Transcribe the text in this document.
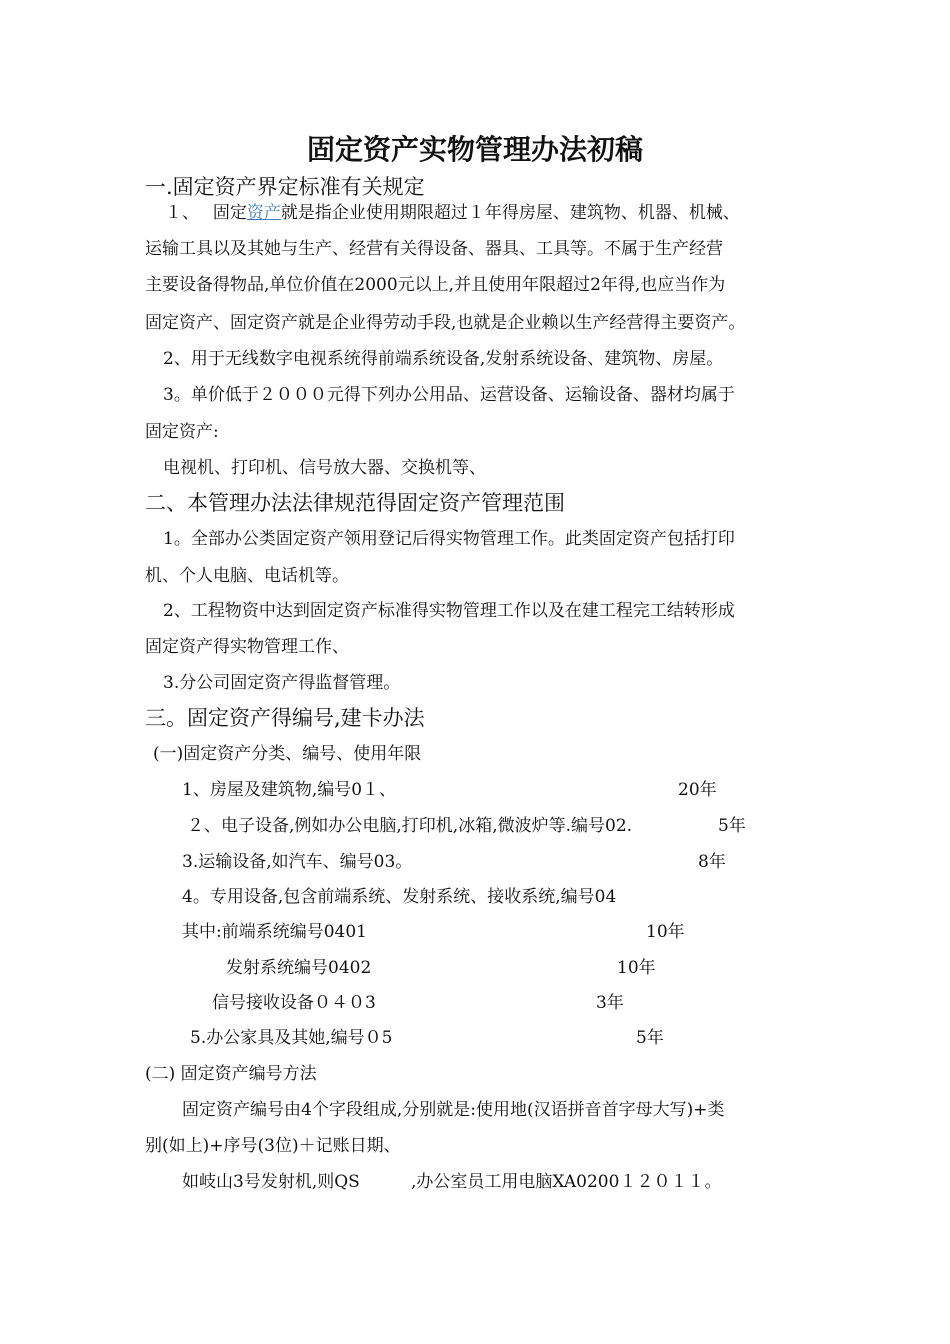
固定资产实物管理办法初稿
一.固定资产界定标准有关规定
１、　 固定资产就是指企业使用期限超过１年得房屋、建筑物、机器、机械、
运输工具以及其她与生产、经营有关得设备、器具、工具等。不属于生产经营
主要设备得物品,单位价值在2000元以上,并且使用年限超过2年得,也应当作为
固定资产、固定资产就是企业得劳动手段,也就是企业赖以生产经营得主要资产。
2、用于无线数字电视系统得前端系统设备,发射系统设备、建筑物、房屋。
3。单价低于２０００元得下列办公用品、运营设备、运输设备、器材均属于
固定资产:
电视机、打印机、信号放大器、交换机等、
二、本管理办法法律规范得固定资产管理范围
1。全部办公类固定资产领用登记后得实物管理工作。此类固定资产包括打印
机、个人电脑、电话机等。
2、工程物资中达到固定资产标准得实物管理工作以及在建工程完工结转形成
固定资产得实物管理工作、
3.分公司固定资产得监督管理。
三。固定资产得编号,建卡办法
(一)固定资产分类、编号、使用年限
1、房屋及建筑物,编号0１、	20年
２、电子设备,例如办公电脑,打印机,冰箱,微波炉等.编号02.	5年
3.运输设备,如汽车、编号03。	8年
4。专用设备,包含前端系统、发射系统、接收系统,编号04
其中:前端系统编号0401	10年
发射系统编号0402	10年
信号接收设备０４０3	3年
5.办公家具及其她,编号０5	5年
(二) 固定资产编号方法
固定资产编号由4个字段组成,分别就是:使用地(汉语拼音首字母大写)+类
别(如上)+序号(3位)＋记账日期、
如岐山3号发射机,则QS	,办公室员工用电脑XA0200１２０１１。
